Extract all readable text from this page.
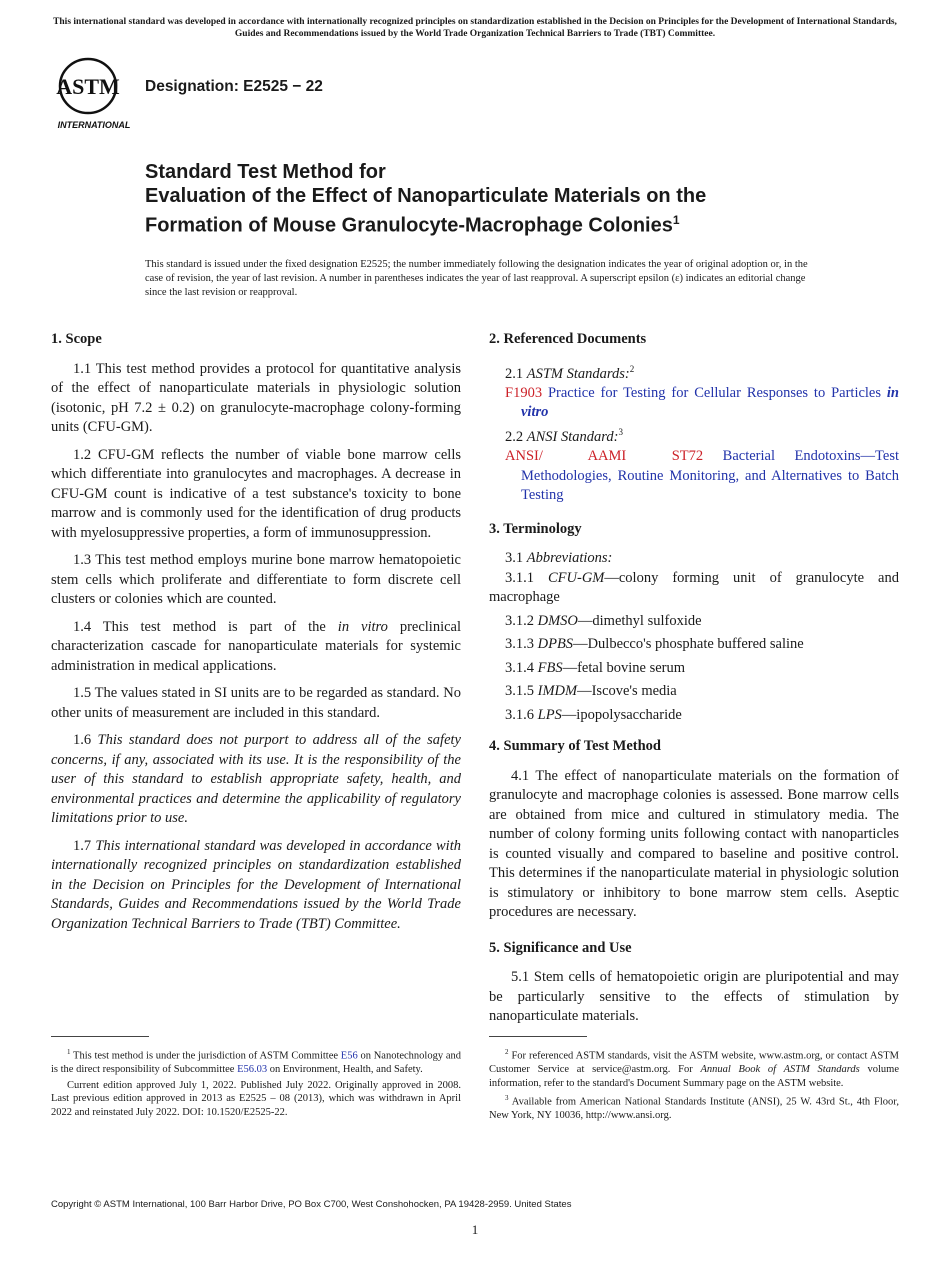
This international standard was developed in accordance with internationally recognized principles on standardization established in the Decision on Principles for the Development of International Standards, Guides and Recommendations issued by the World Trade Organization Technical Barriers to Trade (TBT) Committee.
ASTM
INTERNATIONAL
Designation: E2525 − 22
Standard Test Method for
Evaluation of the Effect of Nanoparticulate Materials on the
Formation of Mouse Granulocyte-Macrophage Colonies$^1$
This standard is issued under the fixed designation E2525; the number immediately following the designation indicates the year of original adoption or, in the case of revision, the year of last revision. A number in parentheses indicates the year of last reapproval. A superscript epsilon (ε) indicates an editorial change since the last revision or reapproval.
1. Scope

1.1 This test method provides a protocol for quantitative analysis of the effect of nanoparticulate materials in physiologic solution (isotonic, pH 7.2 ± 0.2) on granulocyte-macrophage colony-forming units (CFU-GM).

1.2 CFU-GM reflects the number of viable bone marrow cells which differentiate into granulocytes and macrophages. A decrease in CFU-GM count is indicative of a test substance's toxicity to bone marrow and is commonly used for the identification of drug products with myelosuppressive properties, a form of immunosuppression.

1.3 This test method employs murine bone marrow hematopoietic stem cells which proliferate and differentiate to form discrete cell clusters or colonies which are counted.

1.4 This test method is part of the in vitro preclinical characterization cascade for nanoparticulate materials for systemic administration in medical applications.

1.5 The values stated in SI units are to be regarded as standard. No other units of measurement are included in this standard.

1.6 This standard does not purport to address all of the safety concerns, if any, associated with its use. It is the responsibility of the user of this standard to establish appropriate safety, health, and environmental practices and determine the applicability of regulatory limitations prior to use.

1.7 This international standard was developed in accordance with internationally recognized principles on standardization established in the Decision on Principles for the Development of International Standards, Guides and Recommendations issued by the World Trade Organization Technical Barriers to Trade (TBT) Committee.

2. Referenced Documents

2.1 ASTM Standards:$^2$

F1903 Practice for Testing for Cellular Responses to Particles in vitro

2.2 ANSI Standard:$^3$

ANSI/ AAMI ST72 Bacterial Endotoxins—Test Methodologies, Routine Monitoring, and Alternatives to Batch Testing

3. Terminology

3.1 Abbreviations:

3.1.1 CFU-GM—colony forming unit of granulocyte and macrophage

3.1.2 DMSO—dimethyl sulfoxide

3.1.3 DPBS—Dulbecco's phosphate buffered saline

3.1.4 FBS—fetal bovine serum

3.1.5 IMDM—Iscove's media

3.1.6 LPS—ipopolysaccharide

4. Summary of Test Method

4.1 The effect of nanoparticulate materials on the formation of granulocyte and macrophage colonies is assessed. Bone marrow cells are obtained from mice and cultured in stimulatory media. The number of colony forming units following contact with nanoparticles is counted visually and compared to baseline and positive control. This determines if the nanoparticulate material in physiologic solution is stimulatory or inhibitory to bone marrow stem cells. Aseptic procedures are necessary.

5. Significance and Use

5.1 Stem cells of hematopoietic origin are pluripotential and may be particularly sensitive to the effects of stimulation by nanoparticulate materials.

$^1$ This test method is under the jurisdiction of ASTM Committee E56 on Nanotechnology and is the direct responsibility of Subcommittee E56.03 on Environment, Health, and Safety.

Current edition approved July 1, 2022. Published July 2022. Originally approved in 2008. Last previous edition approved in 2013 as E2525 – 08 (2013), which was withdrawn in April 2022 and reinstated July 2022. DOI: 10.1520/E2525-22.

$^2$ For referenced ASTM standards, visit the ASTM website, www.astm.org, or contact ASTM Customer Service at service@astm.org. For Annual Book of ASTM Standards volume information, refer to the standard's Document Summary page on the ASTM website.

$^3$ Available from American National Standards Institute (ANSI), 25 W. 43rd St., 4th Floor, New York, NY 10036, http://www.ansi.org.

Copyright © ASTM International, 100 Barr Harbor Drive, PO Box C700, West Conshohocken, PA 19428-2959. United States
1
